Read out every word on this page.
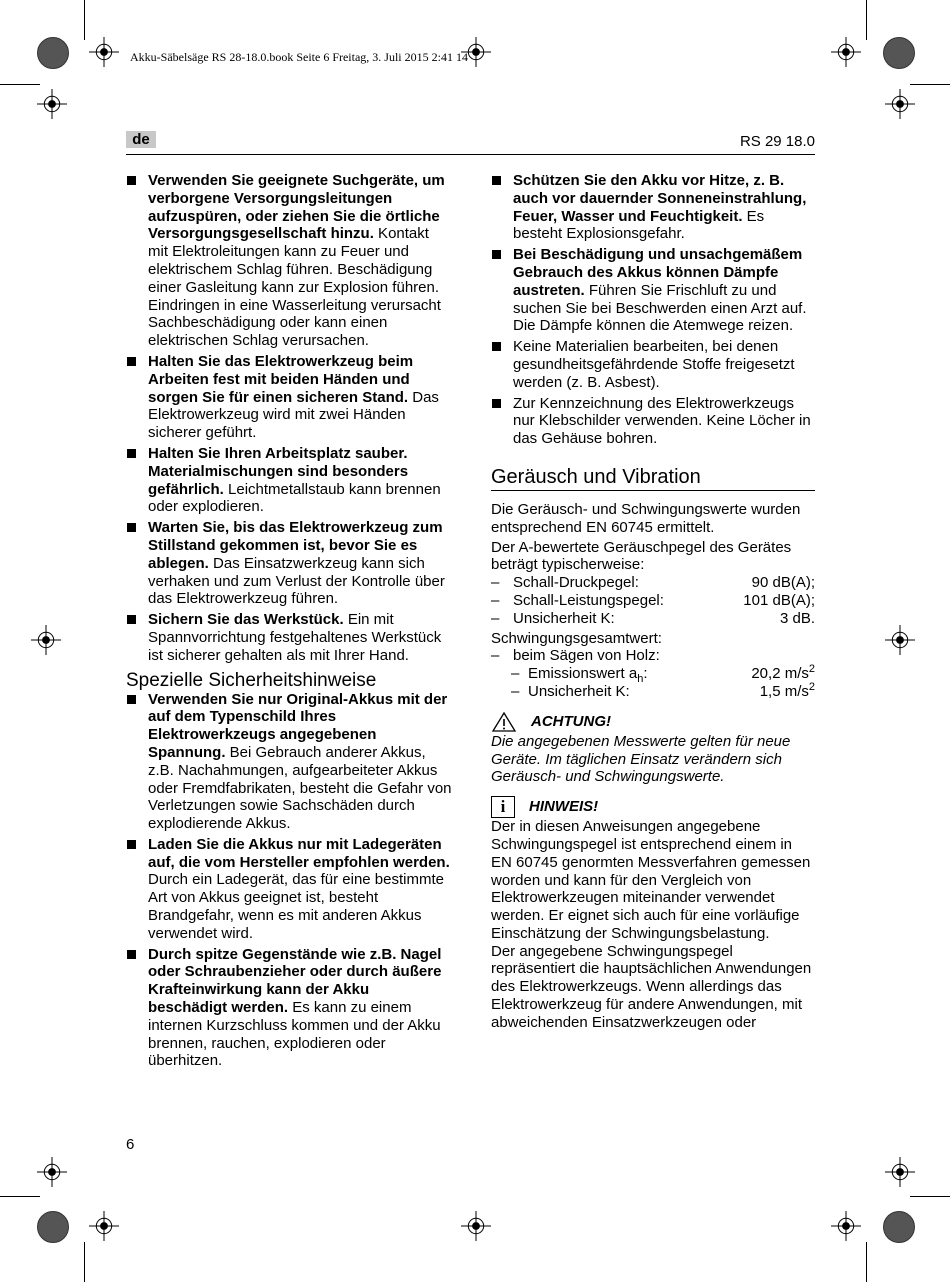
Akku-Säbelsäge RS 28-18.0.book Seite 6 Freitag, 3. Juli 2015 2:41 14
de	RS 29 18.0
Verwenden Sie geeignete Suchgeräte, um verborgene Versorgungsleitungen aufzuspüren, oder ziehen Sie die örtliche Versorgungsgesellschaft hinzu. Kontakt mit Elektroleitungen kann zu Feuer und elektrischem Schlag führen. Beschädigung einer Gasleitung kann zur Explosion führen. Eindringen in eine Wasserleitung verursacht Sachbeschädigung oder kann einen elektrischen Schlag verursachen.
Halten Sie das Elektrowerkzeug beim Arbeiten fest mit beiden Händen und sorgen Sie für einen sicheren Stand. Das Elektrowerkzeug wird mit zwei Händen sicherer geführt.
Halten Sie Ihren Arbeitsplatz sauber. Materialmischungen sind besonders gefährlich. Leichtmetallstaub kann brennen oder explodieren.
Warten Sie, bis das Elektrowerkzeug zum Stillstand gekommen ist, bevor Sie es ablegen. Das Einsatzwerkzeug kann sich verhaken und zum Verlust der Kontrolle über das Elektrowerkzeug führen.
Sichern Sie das Werkstück. Ein mit Spannvorrichtung festgehaltenes Werkstück ist sicherer gehalten als mit Ihrer Hand.
Spezielle Sicherheitshinweise
Verwenden Sie nur Original-Akkus mit der auf dem Typenschild Ihres Elektrowerkzeugs angegebenen Spannung. Bei Gebrauch anderer Akkus, z.B. Nachahmungen, aufgearbeiteter Akkus oder Fremdfabrikaten, besteht die Gefahr von Verletzungen sowie Sachschäden durch explodierende Akkus.
Laden Sie die Akkus nur mit Ladegeräten auf, die vom Hersteller empfohlen werden. Durch ein Ladegerät, das für eine bestimmte Art von Akkus geeignet ist, besteht Brandgefahr, wenn es mit anderen Akkus verwendet wird.
Durch spitze Gegenstände wie z.B. Nagel oder Schraubenzieher oder durch äußere Krafteinwirkung kann der Akku beschädigt werden. Es kann zu einem internen Kurzschluss kommen und der Akku brennen, rauchen, explodieren oder überhitzen.
Schützen Sie den Akku vor Hitze, z. B. auch vor dauernder Sonneneinstrahlung, Feuer, Wasser und Feuchtigkeit. Es besteht Explosionsgefahr.
Bei Beschädigung und unsachgemäßem Gebrauch des Akkus können Dämpfe austreten. Führen Sie Frischluft zu und suchen Sie bei Beschwerden einen Arzt auf. Die Dämpfe können die Atemwege reizen.
Keine Materialien bearbeiten, bei denen gesundheitsgefährdende Stoffe freigesetzt werden (z. B. Asbest).
Zur Kennzeichnung des Elektrowerkzeugs nur Klebschilder verwenden. Keine Löcher in das Gehäuse bohren.
Geräusch und Vibration

Die Geräusch- und Schwingungswerte wurden entsprechend EN 60745 ermittelt.

Der A-bewertete Geräuschpegel des Gerätes beträgt typischerweise:

– Schall-Druckpegel:	90 dB(A);
– Schall-Leistungspegel:	101 dB(A);
– Unsicherheit K:	3 dB.

Schwingungsgesamtwert:

– beim Sägen von Holz:
– Emissionswert $a_h$:	20,2 $m/s^2$
– Unsicherheit K:	1,5 $m/s^2$
ACHTUNG!

Die angegebenen Messwerte gelten für neue Geräte. Im täglichen Einsatz verändern sich Geräusch- und Schwingungswerte.

i	HINWEIS!

Der in diesen Anweisungen angegebene Schwingungspegel ist entsprechend einem in EN 60745 genormten Messverfahren gemessen worden und kann für den Vergleich von Elektrowerkzeugen miteinander verwendet werden. Er eignet sich auch für eine vorläufige Einschätzung der Schwingungsbelastung.

Der angegebene Schwingungspegel repräsentiert die hauptsächlichen Anwendungen des Elektrowerkzeugs. Wenn allerdings das Elektrowerkzeug für andere Anwendungen, mit abweichenden Einsatzwerkzeugen oder

6
